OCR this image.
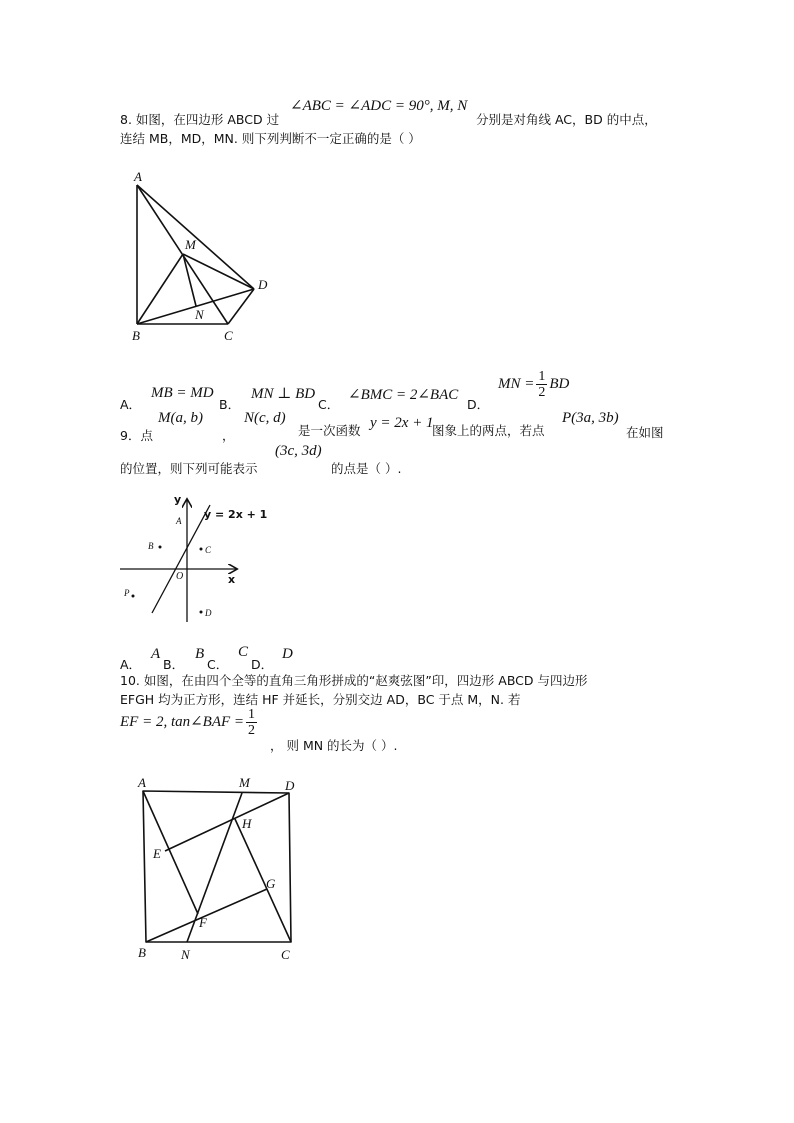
8. 如图，在四边形 ABCD 过
∠ABC = ∠ADC = 90°, M, N
分别是对角线 AC，BD 的中点，
连结 MB，MD，MN. 则下列判断不一定正确的是（ ）
A
M
D
B
N
C
A．
MB = MD
B．
MN ⊥ BD
C．
∠BMC = 2∠BAC
D．
MN = $\frac{1}{2}$ BD
9．点
M(a, b)
，
N(c, d)
是一次函数 y = 2x + 1
图象上的两点，若点
P(3a, 3b)
在如图
的位置，则下列可能表示
(3c, 3d)
的点是（ ）.
y
x
O
y = 2x + 1
A
B	C
P
D
A．
A
B．
B
C．
C
D．
D
10. 如图，在由四个全等的直角三角形拼成的“赵爽弦图”印，四边形 ABCD 与四边形
EFGH 均为正方形，连结 HF 并延长，分别交边 AD，BC 于点 M，N. 若
EF = 2, tan∠BAF = $\frac{1}{2}$
， 则 MN 的长为（ ）.
A	M	D
H
E
G
F
B	N	C
